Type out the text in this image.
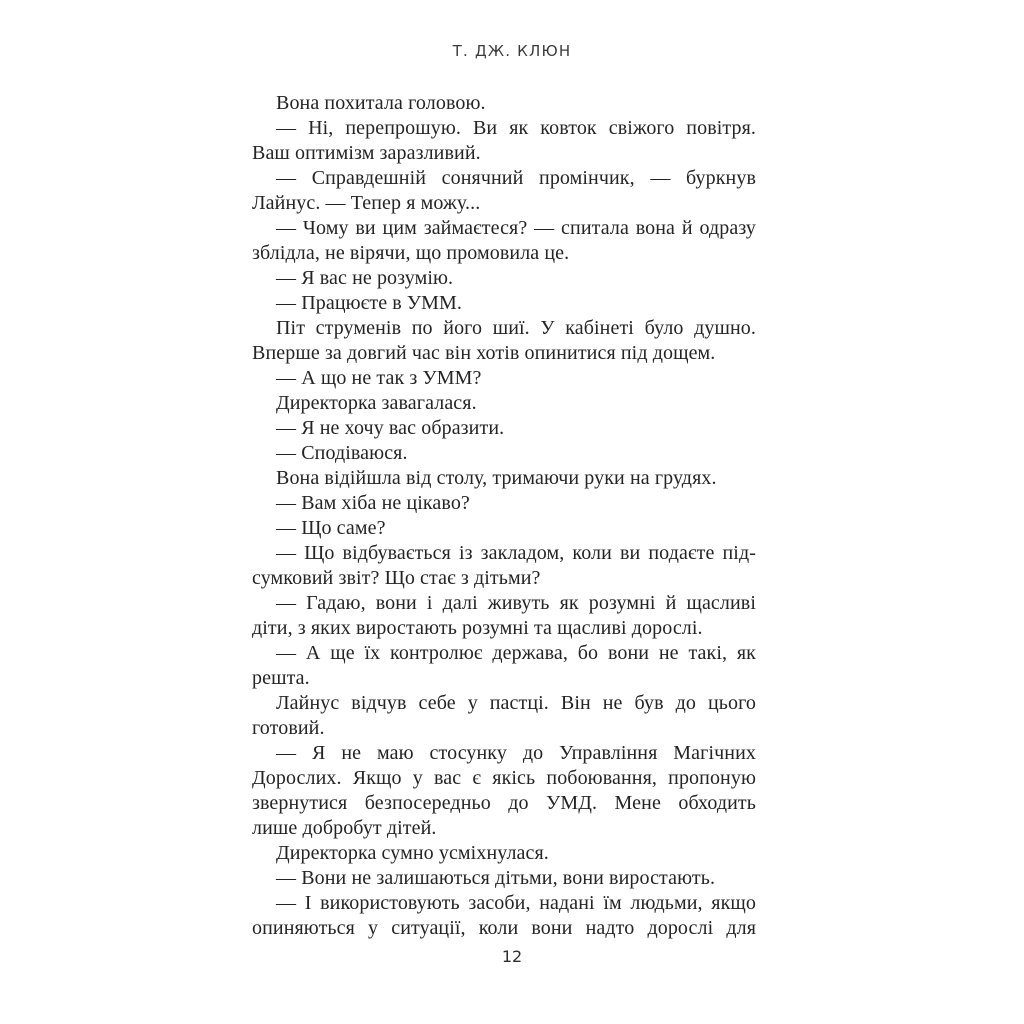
Т. ДЖ. КЛЮН
Вона похитала головою.
— Ні, перепрошую. Ви як ковток свіжого повітря.
Ваш оптимізм заразливий.
— Справдешній сонячний промінчик, — буркнув
Лайнус. — Тепер я можу...
— Чому ви цим займаєтеся? — спитала вона й одразу
зблідла, не вірячи, що промовила це.
— Я вас не розумію.
— Працюєте в УММ.
Піт струменів по його шиї. У кабінеті було душно.
Вперше за довгий час він хотів опинитися під дощем.
— А що не так з УММ?
Директорка завагалася.
— Я не хочу вас образити.
— Сподіваюся.
Вона відійшла від столу, тримаючи руки на грудях.
— Вам хіба не цікаво?
— Що саме?
— Що відбувається із закладом, коли ви подаєте під-
сумковий звіт? Що стає з дітьми?
— Гадаю, вони і далі живуть як розумні й щасливі
діти, з яких виростають розумні та щасливі дорослі.
— А ще їх контролює держава, бо вони не такі, як
решта.
Лайнус відчув себе у пастці. Він не був до цього
готовий.
— Я не маю стосунку до Управління Магічних
Дорослих. Якщо у вас є якісь побоювання, пропоную
звернутися безпосередньо до УМД. Мене обходить
лише добробут дітей.
Директорка сумно усміхнулася.
— Вони не залишаються дітьми, вони виростають.
— І використовують засоби, надані їм людьми, якщо
опиняються у ситуації, коли вони надто дорослі для
12
